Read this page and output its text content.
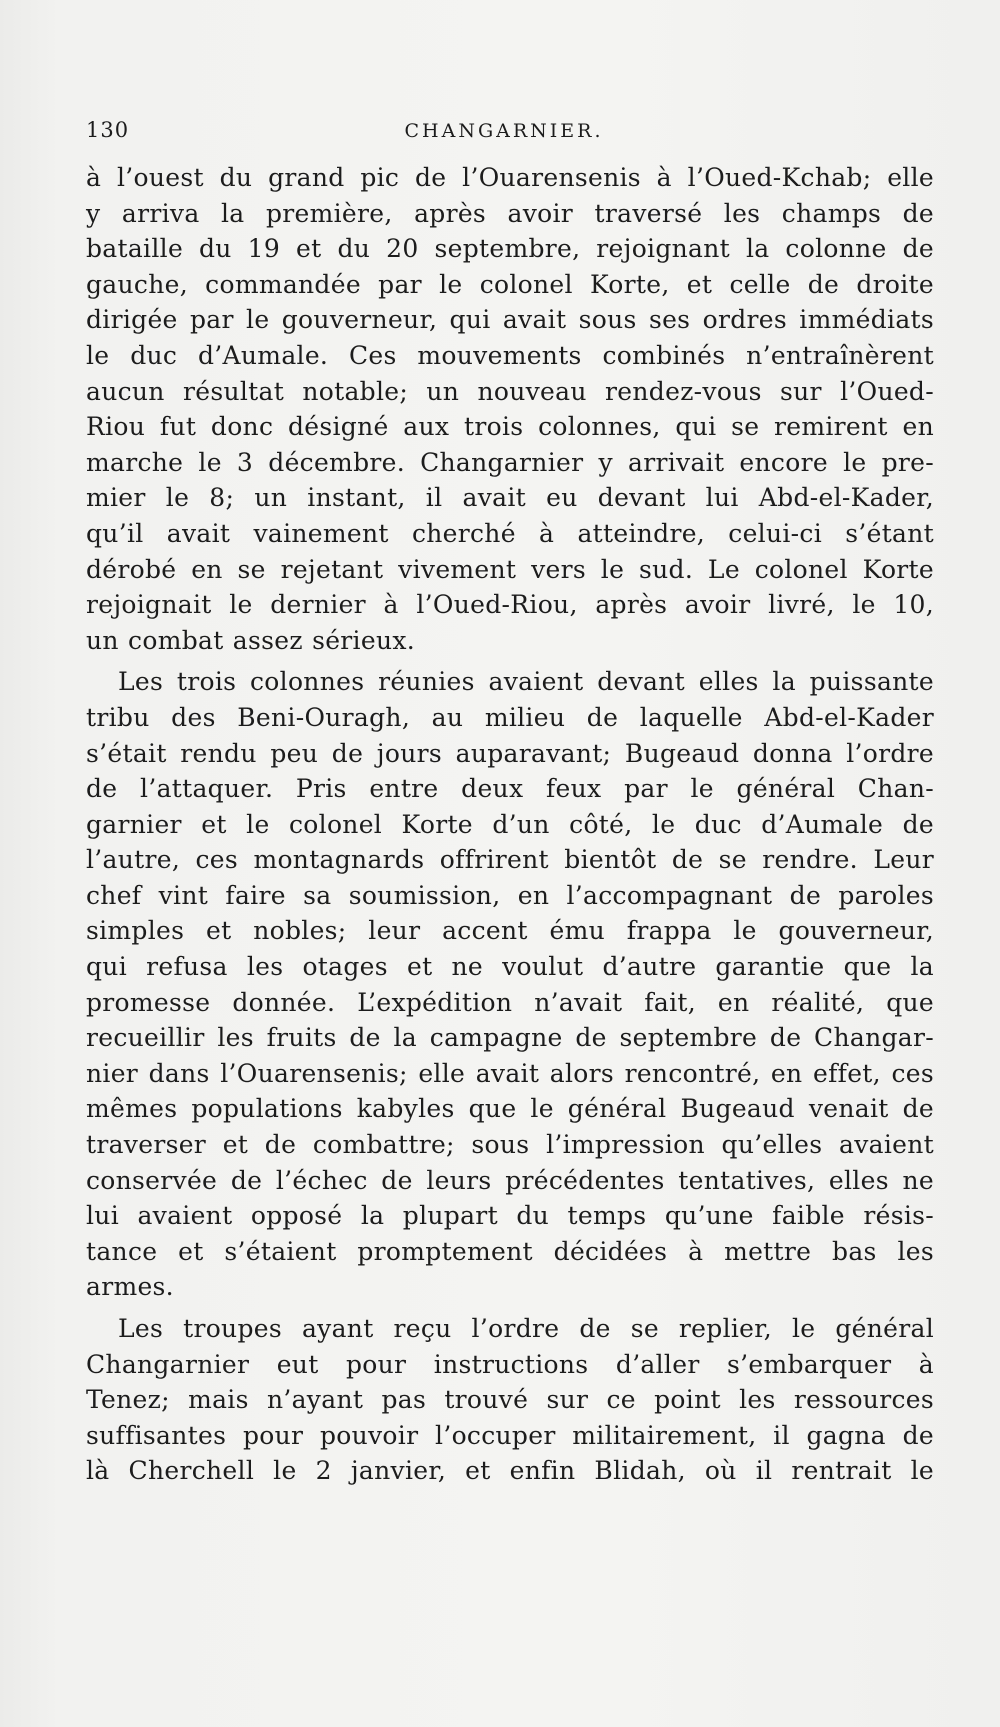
130	CHANGARNIER.
à l’ouest du grand pic de l’Ouarensenis à l’Oued-Kchab; elle
y arriva la première, après avoir traversé les champs de
bataille du 19 et du 20 septembre, rejoignant la colonne de
gauche, commandée par le colonel Korte, et celle de droite
dirigée par le gouverneur, qui avait sous ses ordres immédiats
le duc d’Aumale. Ces mouvements combinés n’entraînèrent
aucun résultat notable; un nouveau rendez-vous sur l’Oued-
Riou fut donc désigné aux trois colonnes, qui se remirent en
marche le 3 décembre. Changarnier y arrivait encore le pre-
mier le 8; un instant, il avait eu devant lui Abd-el-Kader,
qu’il avait vainement cherché à atteindre, celui-ci s’étant
dérobé en se rejetant vivement vers le sud. Le colonel Korte
rejoignait le dernier à l’Oued-Riou, après avoir livré, le 10,
un combat assez sérieux.
Les trois colonnes réunies avaient devant elles la puissante
tribu des Beni-Ouragh, au milieu de laquelle Abd-el-Kader
s’était rendu peu de jours auparavant; Bugeaud donna l’ordre
de l’attaquer. Pris entre deux feux par le général Chan-
garnier et le colonel Korte d’un côté, le duc d’Aumale de
l’autre, ces montagnards offrirent bientôt de se rendre. Leur
chef vint faire sa soumission, en l’accompagnant de paroles
simples et nobles; leur accent ému frappa le gouverneur,
qui refusa les otages et ne voulut d’autre garantie que la
promesse donnée. L’expédition n’avait fait, en réalité, que
recueillir les fruits de la campagne de septembre de Changar-
nier dans l’Ouarensenis; elle avait alors rencontré, en effet, ces
mêmes populations kabyles que le général Bugeaud venait de
traverser et de combattre; sous l’impression qu’elles avaient
conservée de l’échec de leurs précédentes tentatives, elles ne
lui avaient opposé la plupart du temps qu’une faible résis-
tance et s’étaient promptement décidées à mettre bas les
armes.
Les troupes ayant reçu l’ordre de se replier, le général
Changarnier eut pour instructions d’aller s’embarquer à
Tenez; mais n’ayant pas trouvé sur ce point les ressources
suffisantes pour pouvoir l’occuper militairement, il gagna de
là Cherchell le 2 janvier, et enfin Blidah, où il rentrait le
